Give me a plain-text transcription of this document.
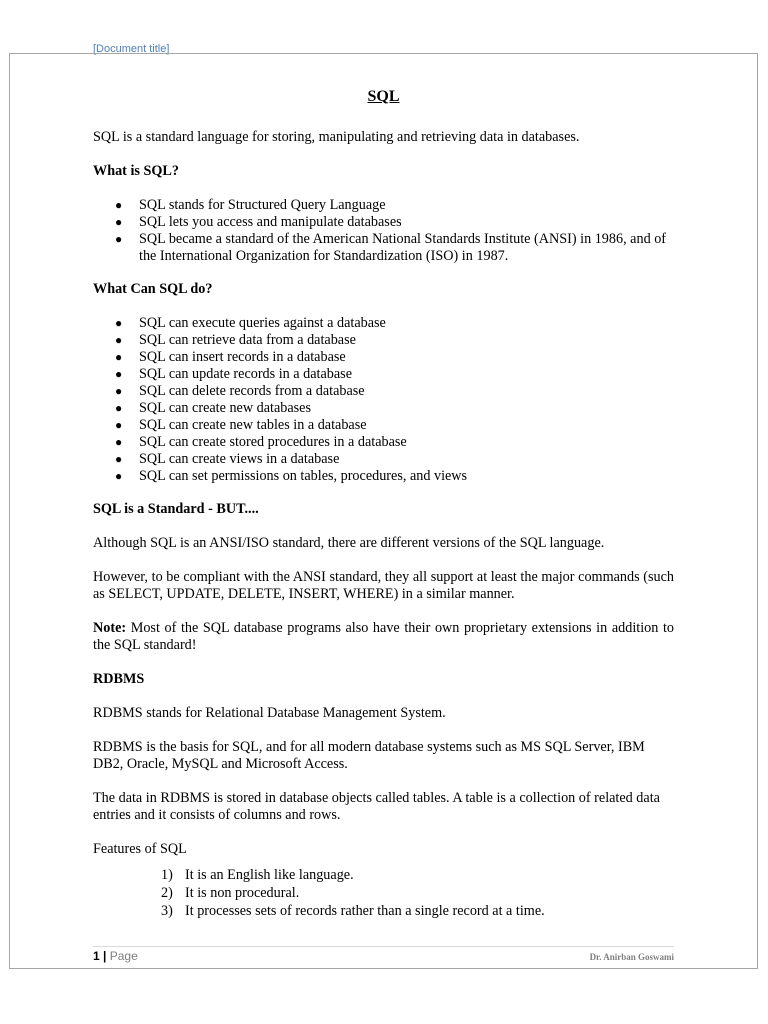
[Document title]
SQL

SQL is a standard language for storing, manipulating and retrieving data in databases.

What is SQL?

● SQL stands for Structured Query Language
● SQL lets you access and manipulate databases
● SQL became a standard of the American National Standards Institute (ANSI) in 1986, and of the International Organization for Standardization (ISO) in 1987.

What Can SQL do?

● SQL can execute queries against a database
● SQL can retrieve data from a database
● SQL can insert records in a database
● SQL can update records in a database
● SQL can delete records from a database
● SQL can create new databases
● SQL can create new tables in a database
● SQL can create stored procedures in a database
● SQL can create views in a database
● SQL can set permissions on tables, procedures, and views

SQL is a Standard - BUT....

Although SQL is an ANSI/ISO standard, there are different versions of the SQL language.

However, to be compliant with the ANSI standard, they all support at least the major commands (such as SELECT, UPDATE, DELETE, INSERT, WHERE) in a similar manner.

Note: Most of the SQL database programs also have their own proprietary extensions in addition to the SQL standard!

RDBMS

RDBMS stands for Relational Database Management System.

RDBMS is the basis for SQL, and for all modern database systems such as MS SQL Server, IBM DB2, Oracle, MySQL and Microsoft Access.

The data in RDBMS is stored in database objects called tables. A table is a collection of related data entries and it consists of columns and rows.

Features of SQL

1) It is an English like language.
2) It is non procedural.
3) It processes sets of records rather than a single record at a time.
1 | Page	Dr. Anirban Goswami
